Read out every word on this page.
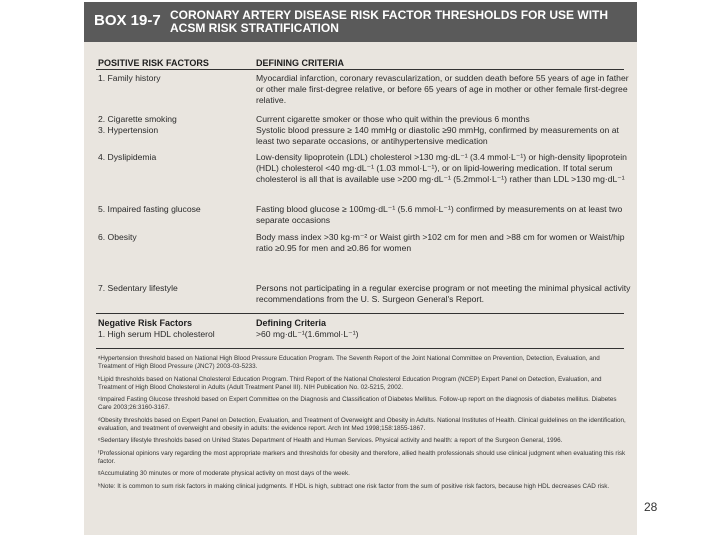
BOX 19-7 CORONARY ARTERY DISEASE RISK FACTOR THRESHOLDS FOR USE WITH ACSM RISK STRATIFICATION
POSITIVE RISK FACTORS	DEFINING CRITERIA
1. Family history	Myocardial infarction, coronary revascularization, or sudden death before 55 years of age in father or other male first-degree relative, or before 65 years of age in mother or other female first-degree relative.
2. Cigarette smoking	Current cigarette smoker or those who quit within the previous 6 months
3. Hypertension	Systolic blood pressure ≥ 140 mmHg or diastolic ≥90 mmHg, confirmed by measurements on at least two separate occasions, or antihypertensive medication
4. Dyslipidemia	Low-density lipoprotein (LDL) cholesterol >130 mg·dL⁻¹ (3.4 mmol·L⁻¹) or high-density lipoprotein (HDL) cholesterol <40 mg·dL⁻¹ (1.03 mmol·L⁻¹), or on lipid-lowering medication. If total serum cholesterol is all that is available use >200 mg·dL⁻¹ (5.2mmol·L⁻¹) rather than LDL >130 mg·dL⁻¹
5. Impaired fasting glucose	Fasting blood glucose ≥ 100mg·dL⁻¹ (5.6 mmol·L⁻¹) confirmed by measurements on at least two separate occasions
6. Obesity	Body mass index >30 kg·m⁻² or Waist girth >102 cm for men and >88 cm for women or Waist/hip ratio ≥0.95 for men and ≥0.86 for women
7. Sedentary lifestyle	Persons not participating in a regular exercise program or not meeting the minimal physical activity recommendations from the U. S. Surgeon General's Report.
Negative Risk Factors	Defining Criteria
1. High serum HDL cholesterol	>60 mg·dL⁻¹(1.6mmol·L⁻¹)

ᵃHypertension threshold based on National High Blood Pressure Education Program. The Seventh Report of the Joint National Committee on Prevention, Detection, Evaluation, and Treatment of High Blood Pressure (JNC7) 2003-03-5233.

ᵇLipid thresholds based on National Cholesterol Education Program. Third Report of the National Cholesterol Education Program (NCEP) Expert Panel on Detection, Evaluation, and Treatment of High Blood Cholesterol in Adults (Adult Treatment Panel III). NIH Publication No. 02-5215, 2002.

ᶜImpaired Fasting Glucose threshold based on Expert Committee on the Diagnosis and Classification of Diabetes Mellitus. Follow-up report on the diagnosis of diabetes mellitus. Diabetes Care 2003;26:3160-3167.

ᵈObesity thresholds based on Expert Panel on Detection, Evaluation, and Treatment of Overweight and Obesity in Adults. National Institutes of Health. Clinical guidelines on the identification, evaluation, and treatment of overweight and obesity in adults: the evidence report. Arch Int Med 1998;158:1855-1867.

ᵉSedentary lifestyle thresholds based on United States Department of Health and Human Services. Physical activity and health: a report of the Surgeon General, 1996.

ᶠProfessional opinions vary regarding the most appropriate markers and thresholds for obesity and therefore, allied health professionals should use clinical judgment when evaluating this risk factor.

ᵍAccumulating 30 minutes or more of moderate physical activity on most days of the week.

ʰNote: It is common to sum risk factors in making clinical judgments. If HDL is high, subtract one risk factor from the sum of positive risk factors, because high HDL decreases CAD risk.

28
